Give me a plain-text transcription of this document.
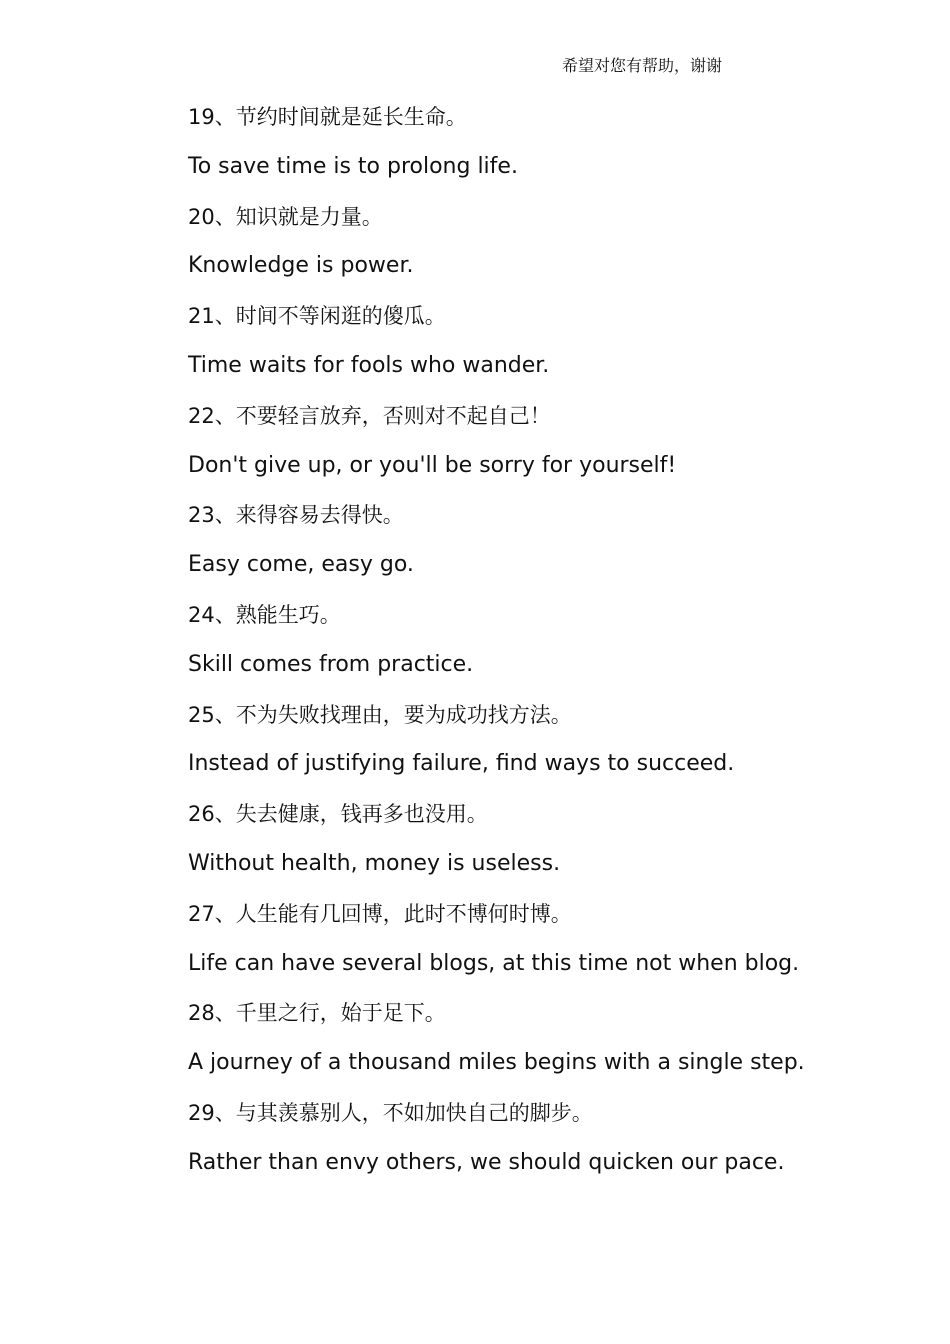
希望对您有帮助，谢谢
19、节约时间就是延长生命。
To save time is to prolong life.
20、知识就是力量。
Knowledge is power.
21、时间不等闲逛的傻瓜。
Time waits for fools who wander.
22、不要轻言放弃，否则对不起自己！
Don't give up, or you'll be sorry for yourself!
23、来得容易去得快。
Easy come, easy go.
24、熟能生巧。
Skill comes from practice.
25、不为失败找理由，要为成功找方法。
Instead of justifying failure, find ways to succeed.
26、失去健康，钱再多也没用。
Without health, money is useless.
27、人生能有几回博，此时不博何时博。
Life can have several blogs, at this time not when blog.
28、千里之行，始于足下。
A journey of a thousand miles begins with a single step.
29、与其羡慕别人，不如加快自己的脚步。
Rather than envy others, we should quicken our pace.
